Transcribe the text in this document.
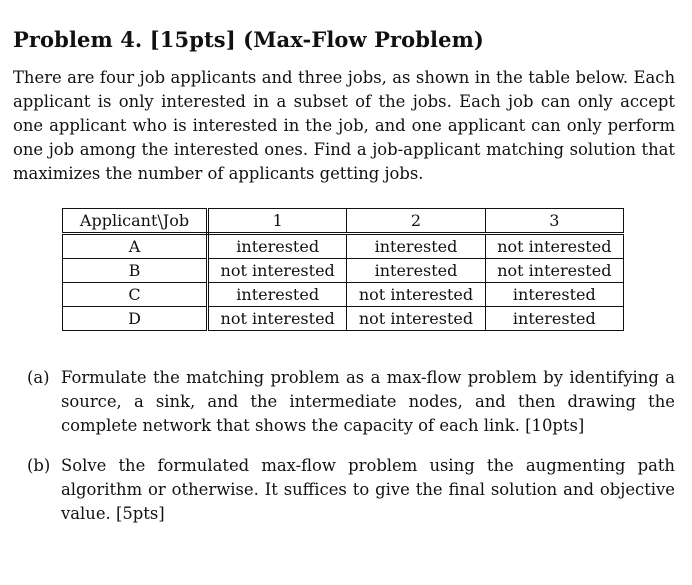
Problem 4. [15pts] (Max-Flow Problem)

There are four job applicants and three jobs, as shown in the table below. Each applicant is only interested in a subset of the jobs. Each job can only accept one applicant who is interested in the job, and one applicant can only perform one job among the interested ones. Find a job-applicant matching solution that maximizes the number of applicants getting jobs.

Applicant\Job	1	2	3
A	interested	interested	not interested
B	not interested	interested	not interested
C	interested	not interested	interested
D	not interested	not interested	interested
(a) Formulate the matching problem as a max-flow problem by identifying a source, a sink, and the intermediate nodes, and then drawing the complete network that shows the capacity of each link. [10pts]
(b) Solve the formulated max-flow problem using the augmenting path algorithm or otherwise. It suffices to give the final solution and objective value. [5pts]
